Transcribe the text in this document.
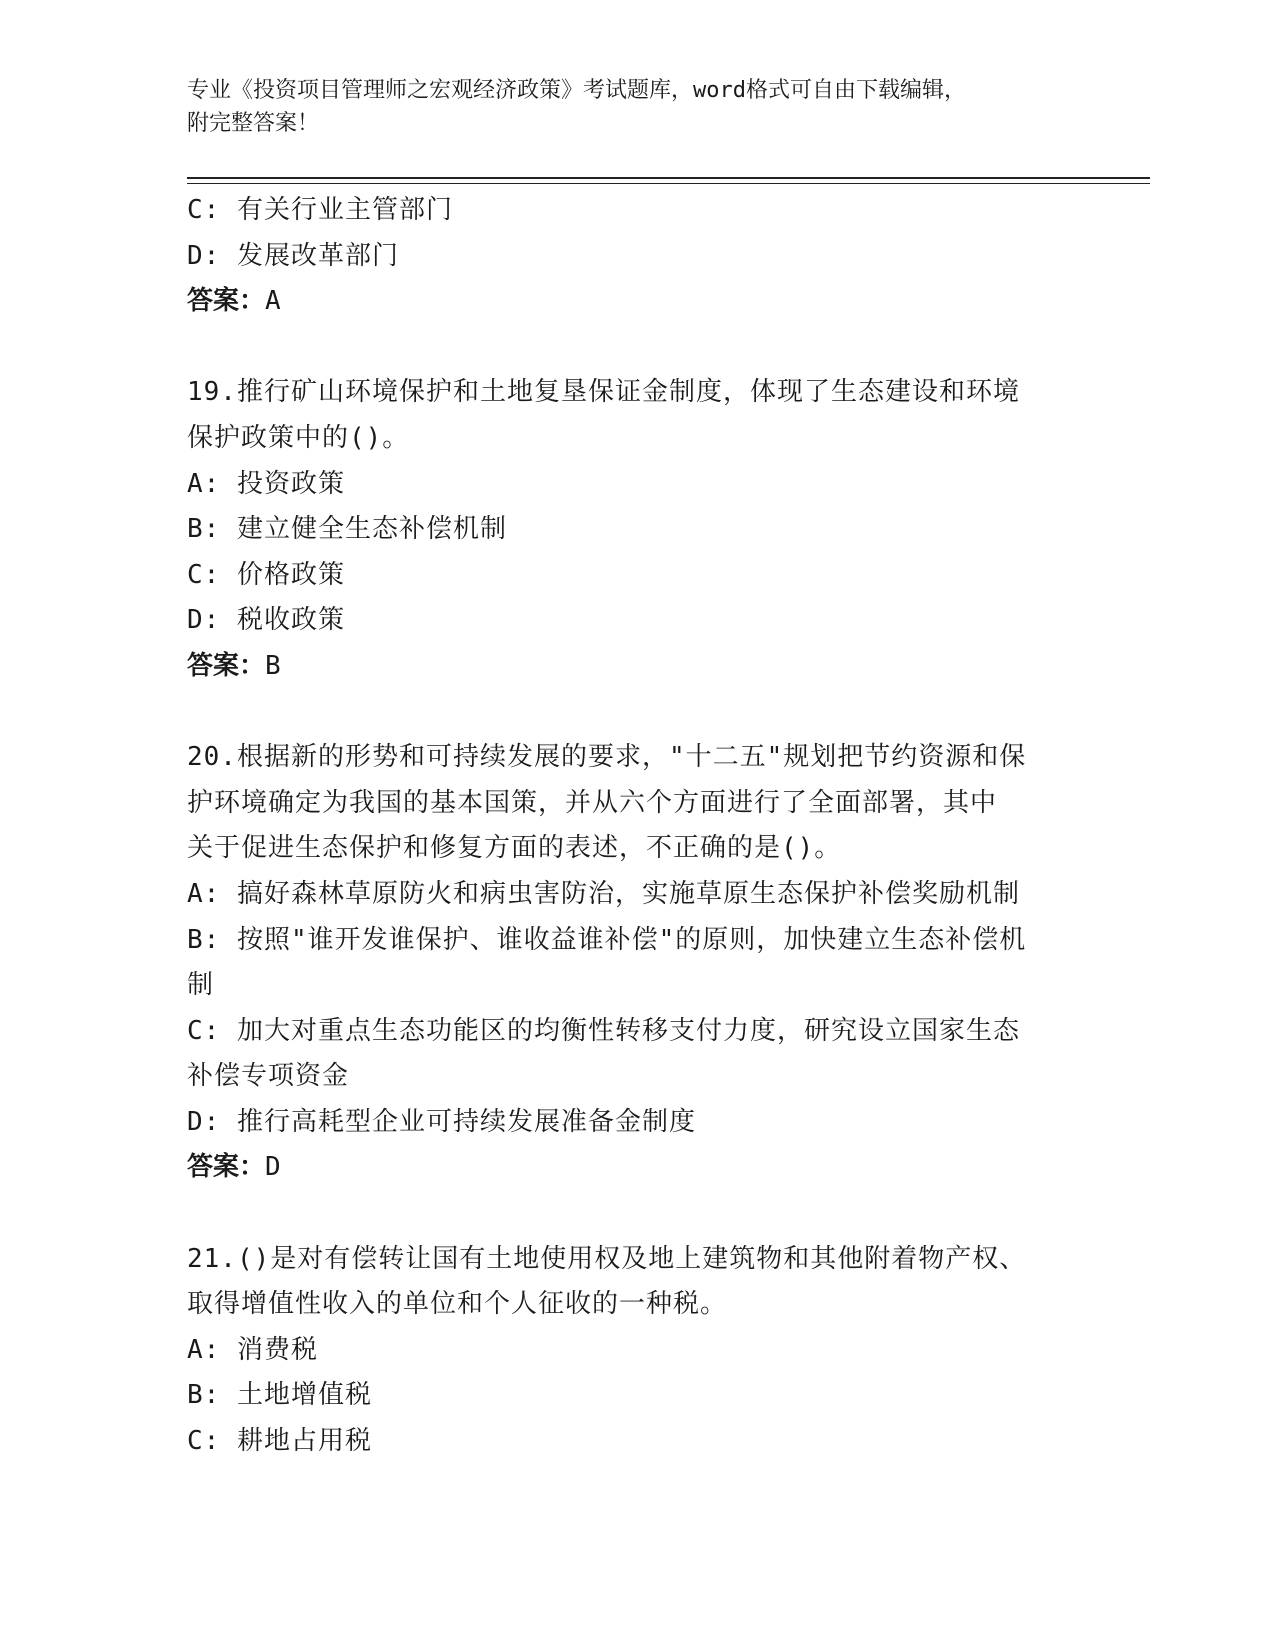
专业《投资项目管理师之宏观经济政策》考试题库，word格式可自由下载编辑，
附完整答案！

C: 有关行业主管部门

D: 发展改革部门

答案：A

19.推行矿山环境保护和土地复垦保证金制度，体现了生态建设和环境

保护政策中的()。

A: 投资政策

B: 建立健全生态补偿机制

C: 价格政策

D: 税收政策

答案：B

20.根据新的形势和可持续发展的要求，"十二五"规划把节约资源和保

护环境确定为我国的基本国策，并从六个方面进行了全面部署，其中

关于促进生态保护和修复方面的表述，不正确的是()。

A: 搞好森林草原防火和病虫害防治，实施草原生态保护补偿奖励机制

B: 按照"谁开发谁保护、谁收益谁补偿"的原则，加快建立生态补偿机

制

C: 加大对重点生态功能区的均衡性转移支付力度，研究设立国家生态

补偿专项资金

D: 推行高耗型企业可持续发展准备金制度

答案：D

21.()是对有偿转让国有土地使用权及地上建筑物和其他附着物产权、

取得增值性收入的单位和个人征收的一种税。

A: 消费税

B: 土地增值税

C: 耕地占用税
